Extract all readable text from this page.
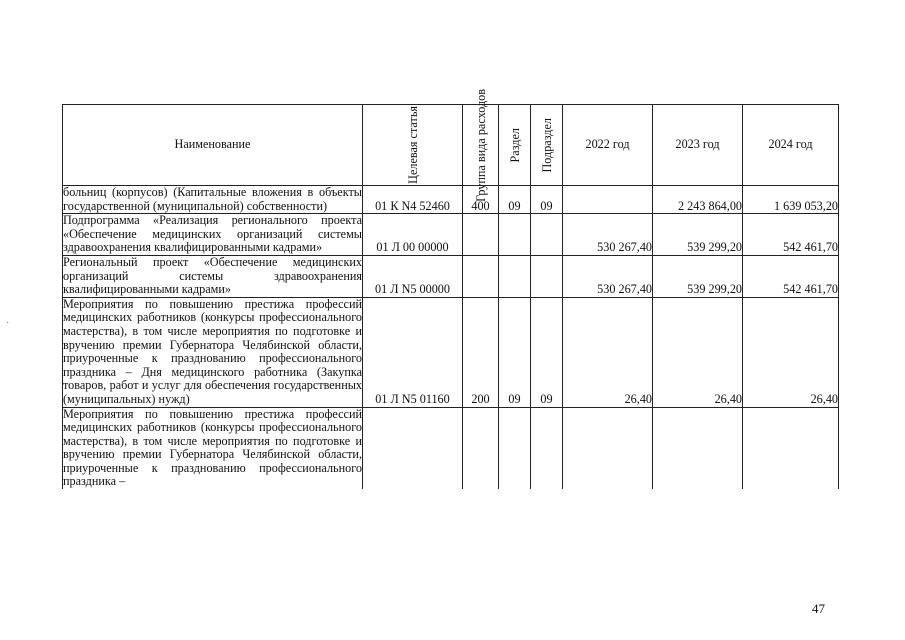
Наименование	Целевая статья	Группа вида расходов	Раздел	Подраздел	2022 год	2023 год	2024 год
больниц (корпусов) (Капитальные вложения в объекты государственной (муниципальной) собственности)	01 К N4 52460	400	09	09		2 243 864,00	1 639 053,20
Подпрограмма «Реализация регионального проекта «Обеспечение медицинских организаций системы здравоохранения квалифицированными кадрами»	01 Л 00 00000				530 267,40	539 299,20	542 461,70
Региональный проект «Обеспечение медицинских организаций системы здравоохранения квалифицированными кадрами»	01 Л N5 00000				530 267,40	539 299,20	542 461,70
Мероприятия по повышению престижа профессий медицинских работников (конкурсы профессионального мастерства), в том числе мероприятия по подготовке и вручению премии Губернатора Челябинской области, приуроченные к празднованию профессионального праздника – Дня медицинского работника (Закупка товаров, работ и услуг для обеспечения государственных (муниципальных) нужд)	01 Л N5 01160	200	09	09	26,40	26,40	26,40
Мероприятия по повышению престижа профессий медицинских работников (конкурсы профессионального мастерства), в том числе мероприятия по подготовке и вручению премии Губернатора Челябинской области, приуроченные к празднованию профессионального праздника –							
·
47
